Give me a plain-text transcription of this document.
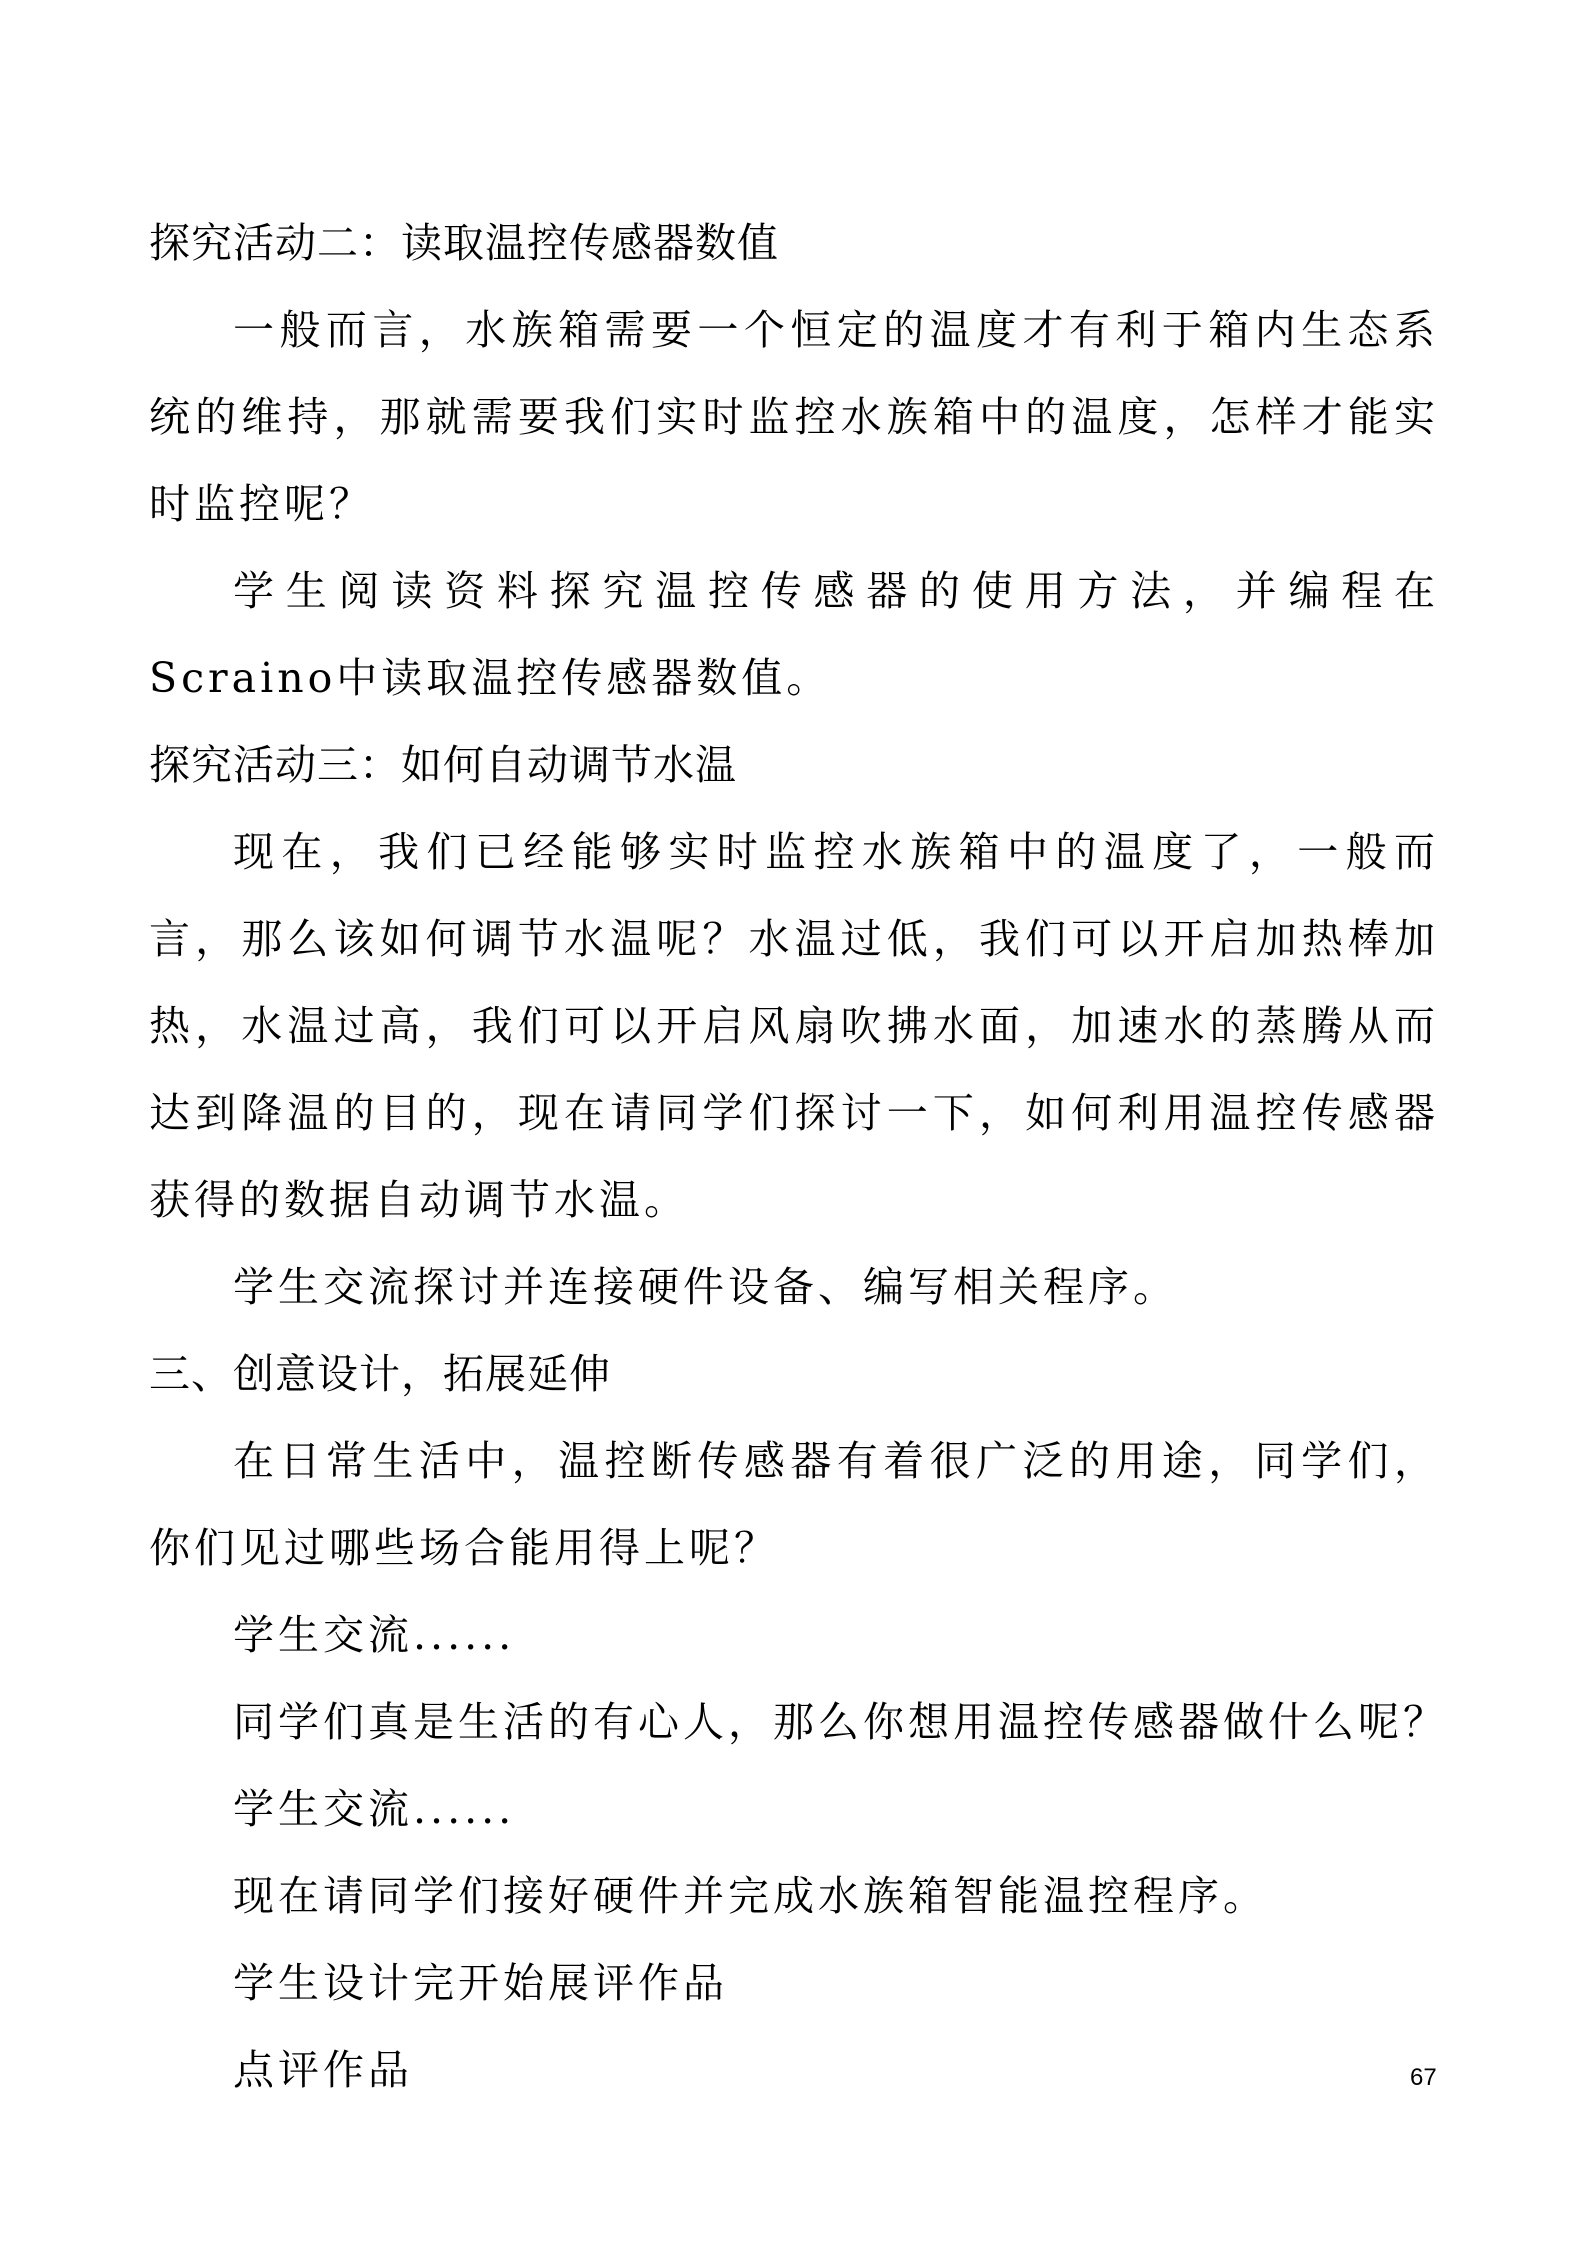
探究活动二：读取温控传感器数值

一般而言，水族箱需要一个恒定的温度才有利于箱内生态系统的维持，那就需要我们实时监控水族箱中的温度，怎样才能实时监控呢？

学生阅读资料探究温控传感器的使用方法，并编程在Scraino中读取温控传感器数值。

探究活动三：如何自动调节水温

现在，我们已经能够实时监控水族箱中的温度了，一般而言，那么该如何调节水温呢？水温过低，我们可以开启加热棒加热，水温过高，我们可以开启风扇吹拂水面，加速水的蒸腾从而达到降温的目的，现在请同学们探讨一下，如何利用温控传感器获得的数据自动调节水温。

学生交流探讨并连接硬件设备、编写相关程序。

三、创意设计，拓展延伸

在日常生活中，温控断传感器有着很广泛的用途，同学们，你们见过哪些场合能用得上呢？

学生交流......

同学们真是生活的有心人，那么你想用温控传感器做什么呢？

学生交流......

现在请同学们接好硬件并完成水族箱智能温控程序。

学生设计完开始展评作品

点评作品	67
